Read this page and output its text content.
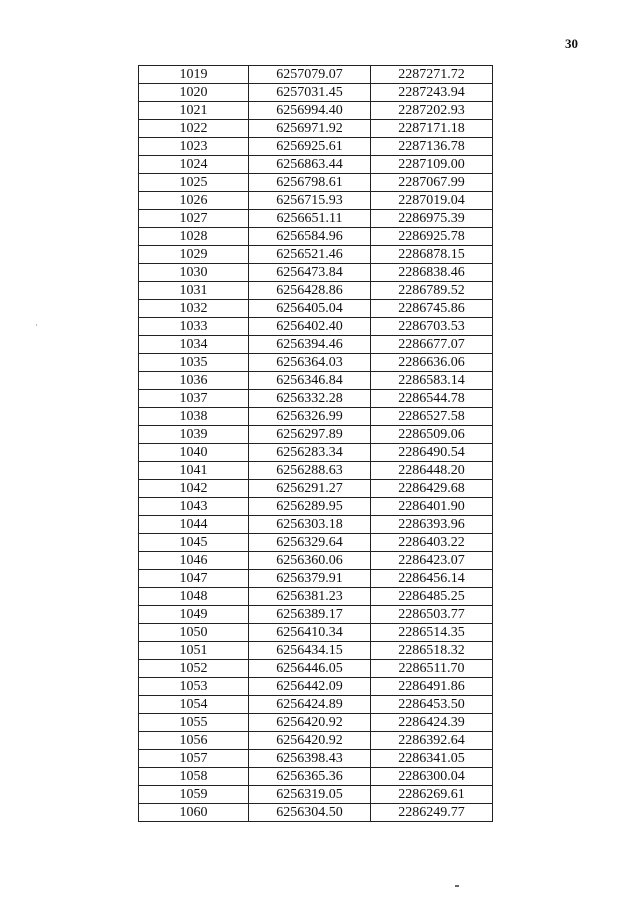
30
1019	6257079.07	2287271.72
1020	6257031.45	2287243.94
1021	6256994.40	2287202.93
1022	6256971.92	2287171.18
1023	6256925.61	2287136.78
1024	6256863.44	2287109.00
1025	6256798.61	2287067.99
1026	6256715.93	2287019.04
1027	6256651.11	2286975.39
1028	6256584.96	2286925.78
1029	6256521.46	2286878.15
1030	6256473.84	2286838.46
1031	6256428.86	2286789.52
1032	6256405.04	2286745.86
1033	6256402.40	2286703.53
1034	6256394.46	2286677.07
1035	6256364.03	2286636.06
1036	6256346.84	2286583.14
1037	6256332.28	2286544.78
1038	6256326.99	2286527.58
1039	6256297.89	2286509.06
1040	6256283.34	2286490.54
1041	6256288.63	2286448.20
1042	6256291.27	2286429.68
1043	6256289.95	2286401.90
1044	6256303.18	2286393.96
1045	6256329.64	2286403.22
1046	6256360.06	2286423.07
1047	6256379.91	2286456.14
1048	6256381.23	2286485.25
1049	6256389.17	2286503.77
1050	6256410.34	2286514.35
1051	6256434.15	2286518.32
1052	6256446.05	2286511.70
1053	6256442.09	2286491.86
1054	6256424.89	2286453.50
1055	6256420.92	2286424.39
1056	6256420.92	2286392.64
1057	6256398.43	2286341.05
1058	6256365.36	2286300.04
1059	6256319.05	2286269.61
1060	6256304.50	2286249.77
